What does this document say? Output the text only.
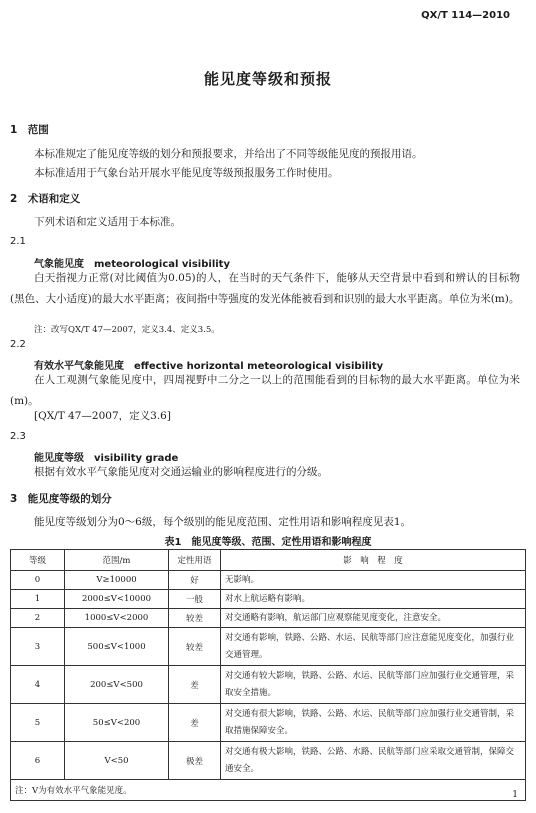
QX/T 114—2010
能见度等级和预报
1　范围
本标准规定了能见度等级的划分和预报要求，并给出了不同等级能见度的预报用语。
本标准适用于气象台站开展水平能见度等级预报服务工作时使用。
2　术语和定义
下列术语和定义适用于本标准。
2.1
气象能见度　meteorological visibility
白天指视力正常(对比阈值为0.05)的人，在当时的天气条件下，能够从天空背景中看到和辨认的目标物(黑色、大小适度)的最大水平距离；夜间指中等强度的发光体能被看到和识别的最大水平距离。单位为米(m)。
注：改写QX/T 47—2007，定义3.4、定义3.5。
2.2
有效水平气象能见度　effective horizontal meteorological visibility
在人工观测气象能见度中，四周视野中二分之一以上的范围能看到的目标物的最大水平距离。单位为米(m)。
[QX/T 47—2007，定义3.6]
2.3
能见度等级　visibility grade
根据有效水平气象能见度对交通运输业的影响程度进行的分级。
3　能见度等级的划分
能见度等级划分为0～6级，每个级别的能见度范围、定性用语和影响程度见表1。
表1　能见度等级、范围、定性用语和影响程度
等级	范围/m	定性用语	影　响　程　度
0	V≥10000	好	无影响。
1	2000≤V<10000	一般	对水上航运略有影响。
2	1000≤V<2000	较差	对交通略有影响，航运部门应观察能见度变化，注意安全。
3	500≤V<1000	较差	对交通有影响，铁路、公路、水运、民航等部门应注意能见度变化，加强行业交通管理。
4	200≤V<500	差	对交通有较大影响，铁路、公路、水运、民航等部门应加强行业交通管理，采取安全措施。
5	50≤V<200	差	对交通有很大影响，铁路、公路、水运、民航等部门应加强行业交通管制，采取措施保障安全。
6	V<50	极差	对交通有极大影响，铁路、公路、水路、民航等部门应采取交通管制，保障交通安全。
注：V为有效水平气象能见度。				1
